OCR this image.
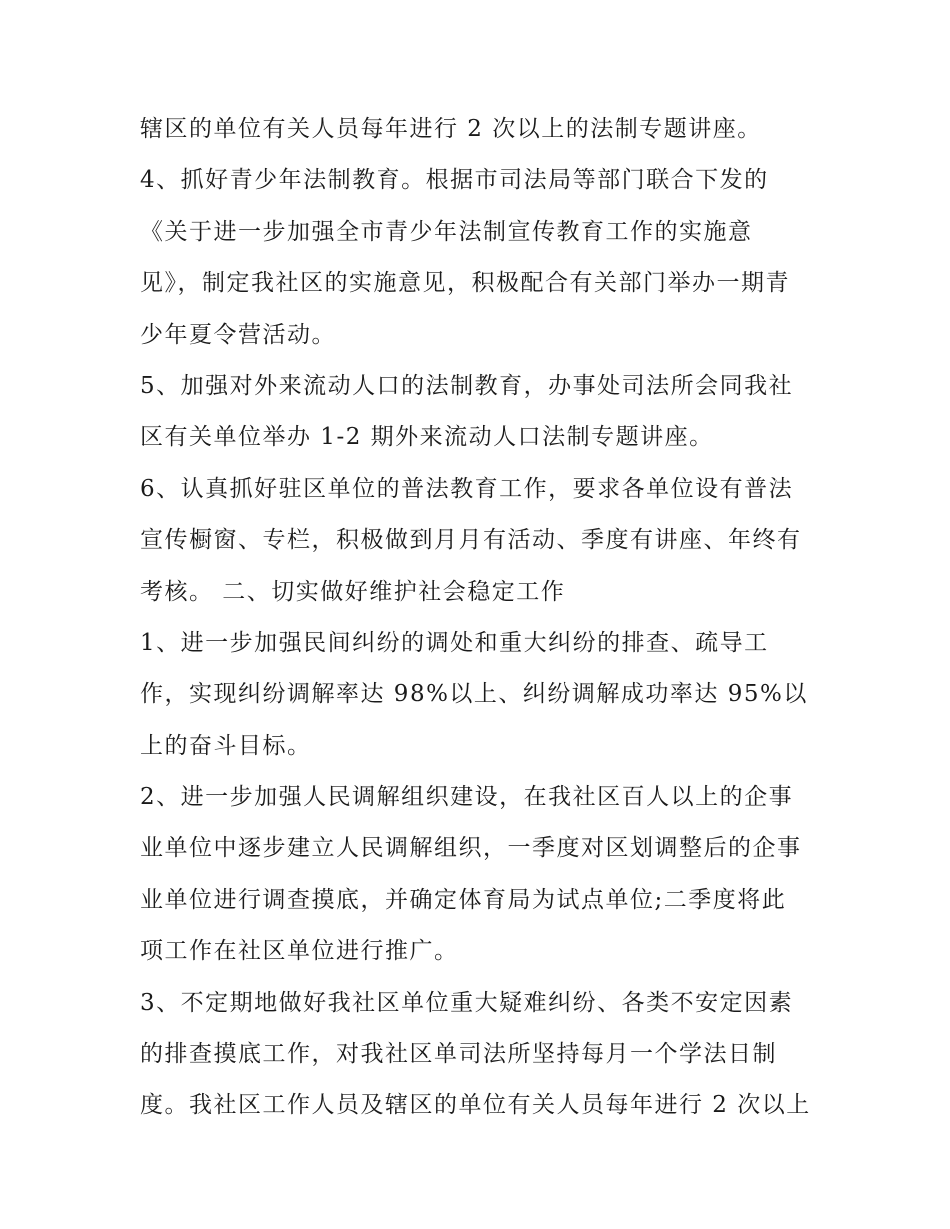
辖区的单位有关人员每年进行 2 次以上的法制专题讲座。
4、抓好青少年法制教育。根据市司法局等部门联合下发的
《关于进一步加强全市青少年法制宣传教育工作的实施意
见》，制定我社区的实施意见，积极配合有关部门举办一期青
少年夏令营活动。
5、加强对外来流动人口的法制教育，办事处司法所会同我社
区有关单位举办 1-2 期外来流动人口法制专题讲座。
6、认真抓好驻区单位的普法教育工作，要求各单位设有普法
宣传橱窗、专栏，积极做到月月有活动、季度有讲座、年终有
考核。 二、切实做好维护社会稳定工作
1、进一步加强民间纠纷的调处和重大纠纷的排查、疏导工
作，实现纠纷调解率达 98%以上、纠纷调解成功率达 95%以
上的奋斗目标。
2、进一步加强人民调解组织建设，在我社区百人以上的企事
业单位中逐步建立人民调解组织，一季度对区划调整后的企事
业单位进行调查摸底，并确定体育局为试点单位;二季度将此
项工作在社区单位进行推广。
3、不定期地做好我社区单位重大疑难纠纷、各类不安定因素
的排查摸底工作，对我社区单司法所坚持每月一个学法日制
度。我社区工作人员及辖区的单位有关人员每年进行 2 次以上
